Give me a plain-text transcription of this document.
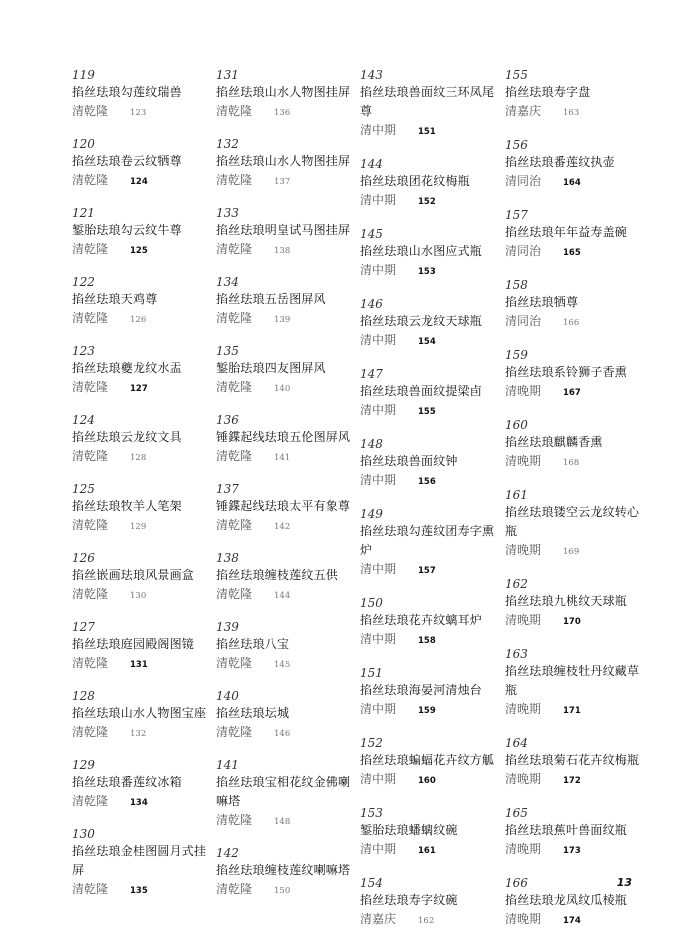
119
掐丝珐琅勾莲纹瑞兽
清乾隆	123
120
掐丝珐琅卷云纹牺尊
清乾隆	124
121
錾胎珐琅勾云纹牛尊
清乾隆	125
122
掐丝珐琅天鸡尊
清乾隆	126
123
掐丝珐琅夔龙纹水盂
清乾隆	127
124
掐丝珐琅云龙纹文具
清乾隆	128
125
掐丝珐琅牧羊人笔架
清乾隆	129
126
掐丝嵌画珐琅风景画盒
清乾隆	130
127
掐丝珐琅庭园殿阁图镜
清乾隆	131
128
掐丝珐琅山水人物图宝座
清乾隆	132
129
掐丝珐琅番莲纹冰箱
清乾隆	134
130
掐丝珐琅金桂图圆月式挂屏
清乾隆	135
131
掐丝珐琅山水人物图挂屏
清乾隆	136
132
掐丝珐琅山水人物图挂屏
清乾隆	137
133
掐丝珐琅明皇试马图挂屏
清乾隆	138
134
掐丝珐琅五岳图屏风
清乾隆	139
135
錾胎珐琅四友图屏风
清乾隆	140
136
锤鍱起线珐琅五伦图屏风
清乾隆	141
137
锤鍱起线珐琅太平有象尊
清乾隆	142
138
掐丝珐琅缠枝莲纹五供
清乾隆	144
139
掐丝珐琅八宝
清乾隆	145
140
掐丝珐琅坛城
清乾隆	146
141
掐丝珐琅宝相花纹金佛喇嘛塔
清乾隆	148
142
掐丝珐琅缠枝莲纹喇嘛塔
清乾隆	150
143
掐丝珐琅兽面纹三环凤尾尊
清中期	151
144
掐丝珐琅团花纹梅瓶
清中期	152
145
掐丝珐琅山水图应式瓶
清中期	153
146
掐丝珐琅云龙纹天球瓶
清中期	154
147
掐丝珐琅兽面纹提梁卣
清中期	155
148
掐丝珐琅兽面纹钟
清中期	156
149
掐丝珐琅勾莲纹团寿字熏炉
清中期	157
150
掐丝珐琅花卉纹螭耳炉
清中期	158
151
掐丝珐琅海晏河清烛台
清中期	159
152
掐丝珐琅蝙蝠花卉纹方觚
清中期	160
153
錾胎珐琅蟠螭纹碗
清中期	161
154
掐丝珐琅寿字纹碗
清嘉庆	162
155
掐丝珐琅寿字盘
清嘉庆	163
156
掐丝珐琅番莲纹执壶
清同治	164
157
掐丝珐琅年年益寿盖碗
清同治	165
158
掐丝珐琅牺尊
清同治	166
159
掐丝珐琅系铃狮子香熏
清晚期	167
160
掐丝珐琅麒麟香熏
清晚期	168
161
掐丝珐琅镂空云龙纹转心瓶
清晚期	169
162
掐丝珐琅九桃纹天球瓶
清晚期	170
163
掐丝珐琅缠枝牡丹纹藏草瓶
清晚期	171
164
掐丝珐琅菊石花卉纹梅瓶
清晚期	172
165
掐丝珐琅蕉叶兽面纹瓶
清晚期	173
166
掐丝珐琅龙凤纹瓜棱瓶
清晚期	174
13
